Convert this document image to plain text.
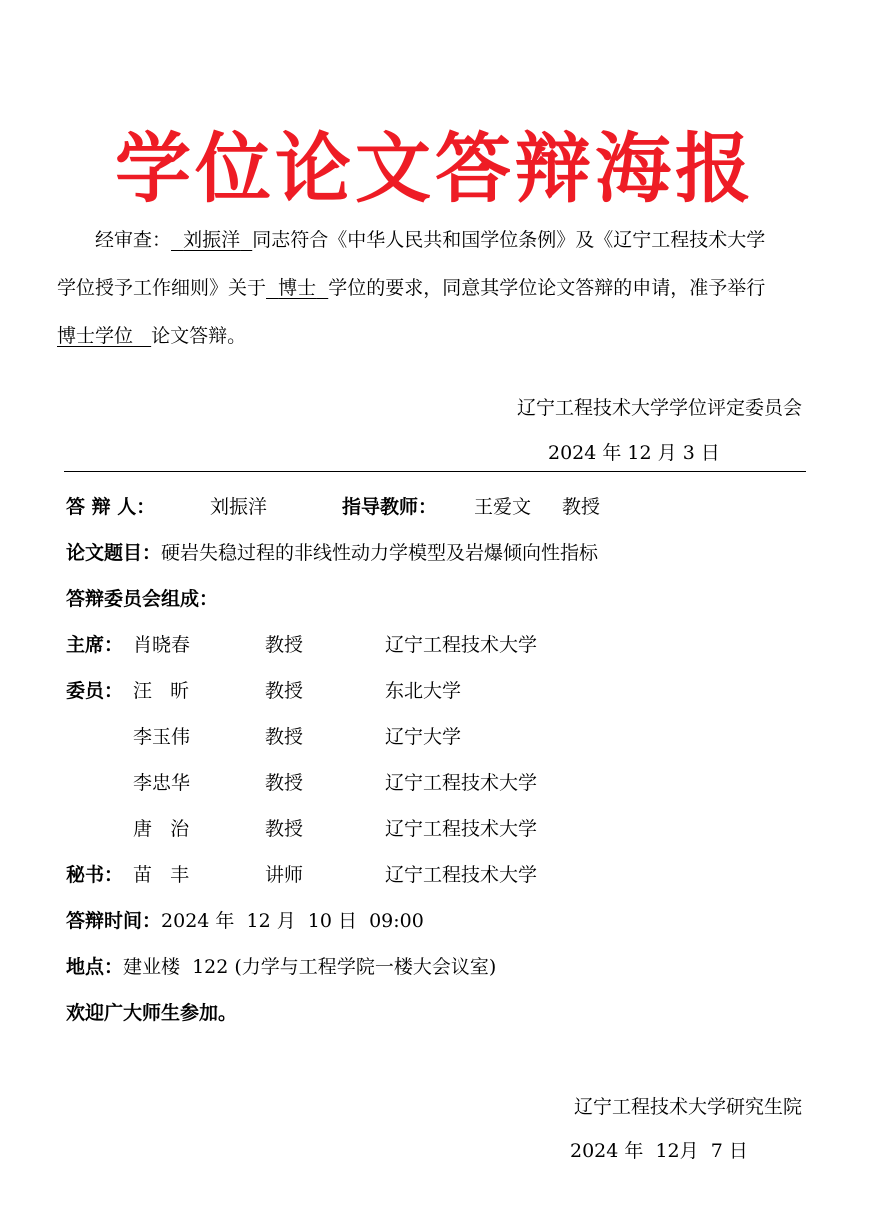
学位论文答辩海报
经审查： 刘振洋 同志符合《中华人民共和国学位条例》及《辽宁工程技术大学
学位授予工作细则》关于 博士 学位的要求，同意其学位论文答辩的申请，准予举行
博士学位 论文答辩。
辽宁工程技术大学学位评定委员会
2024 年 12 月 3 日
答 辩 人：	刘振洋	指导教师： 王爱文 教授
论文题目：硬岩失稳过程的非线性动力学模型及岩爆倾向性指标
答辩委员会组成：
主席： 肖晓春	教授	辽宁工程技术大学
委员： 汪   昕	教授	东北大学
李玉伟	教授	辽宁大学
李忠华	教授	辽宁工程技术大学
唐   治	教授	辽宁工程技术大学
秘书： 苗   丰	讲师	辽宁工程技术大学
答辩时间：2024 年  12 月  10 日  09:00
地点：建业楼  122 (力学与工程学院一楼大会议室)
欢迎广大师生参加。
辽宁工程技术大学研究生院
2024 年  12月  7 日
